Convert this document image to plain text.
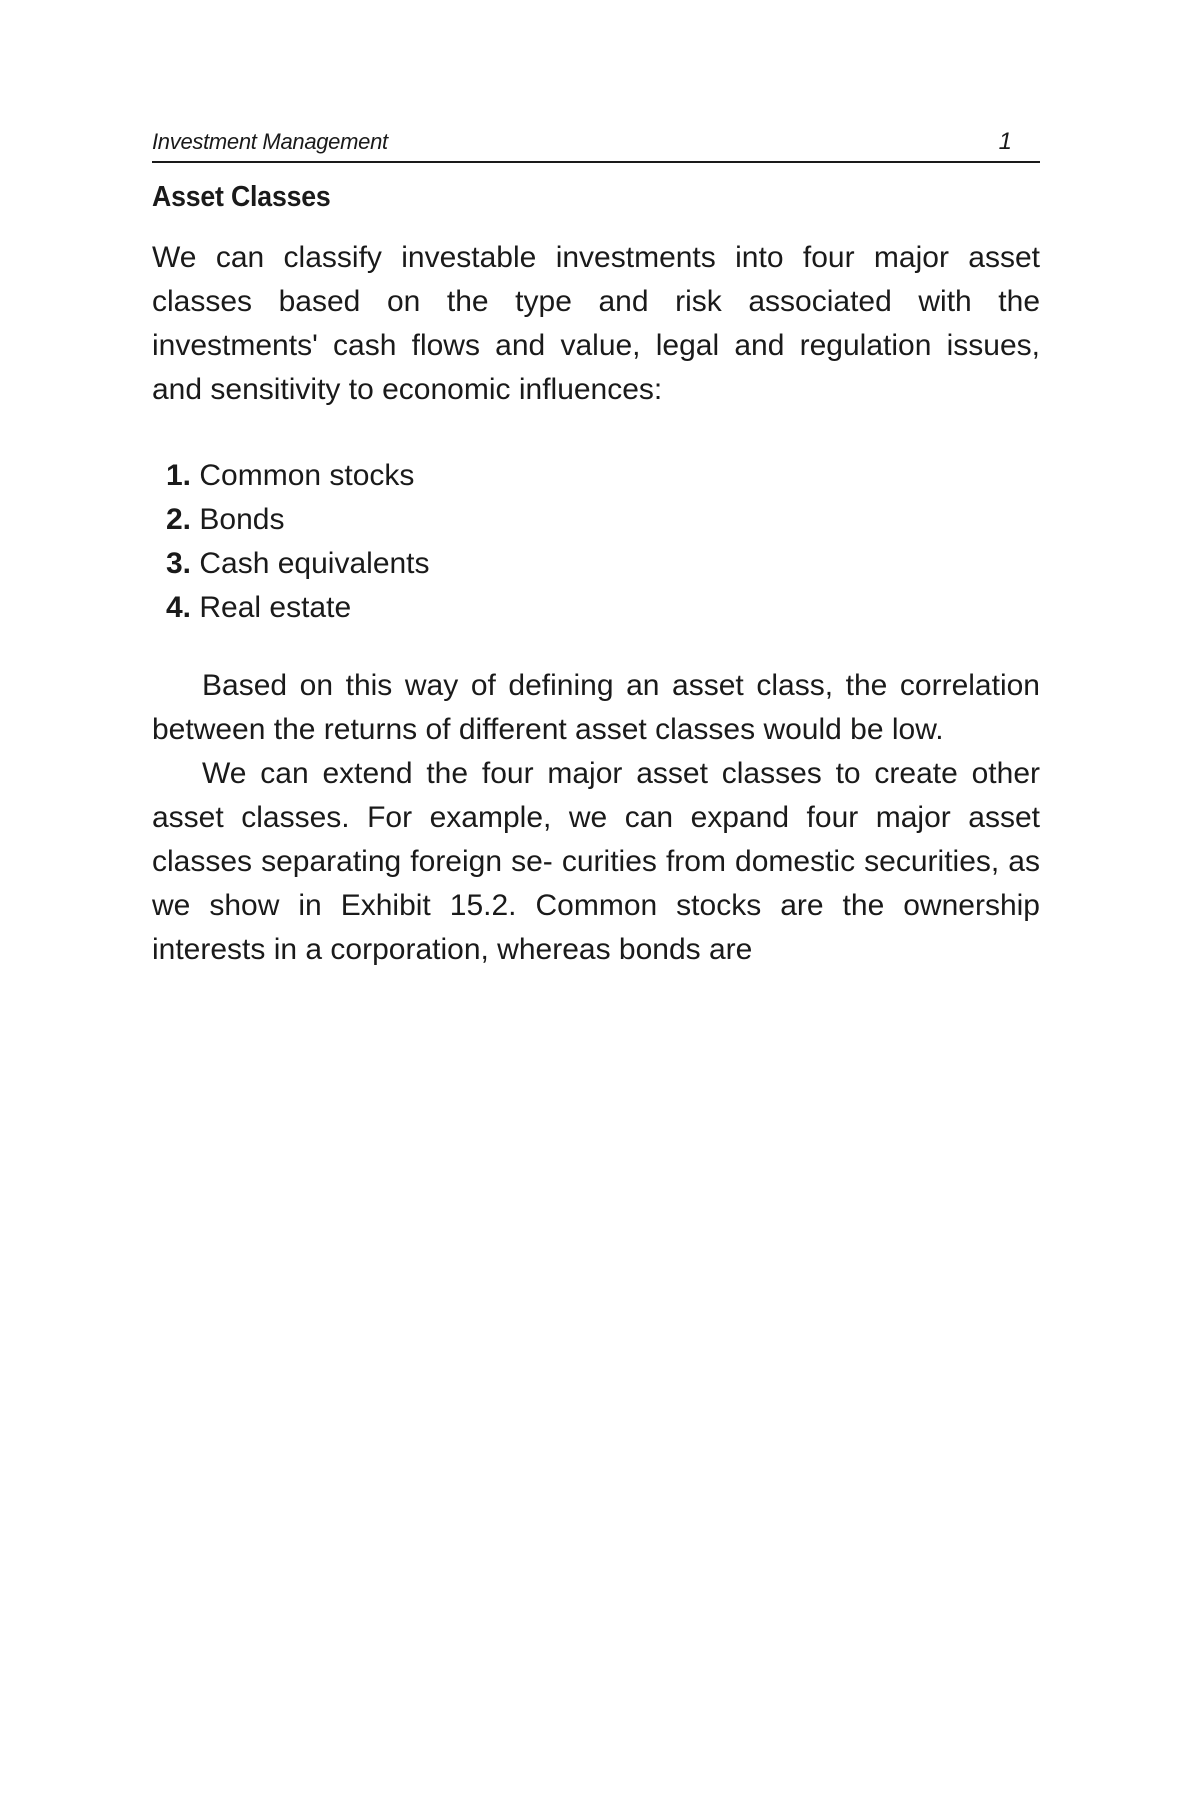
Investment Management	1
Asset Classes

We can classify investable investments into four major asset classes based on the type and risk associated with the investments' cash flows and value, legal and regulation issues, and sensitivity to economic influences:

1. Common stocks
2. Bonds
3. Cash equivalents
4. Real estate

Based on this way of defining an asset class, the correlation between the returns of different asset classes would be low.

We can extend the four major asset classes to create other asset classes. For example, we can expand four major asset classes separating foreign se- curities from domestic securities, as we show in Exhibit 15.2. Common stocks are the ownership interests in a corporation, whereas bonds are
